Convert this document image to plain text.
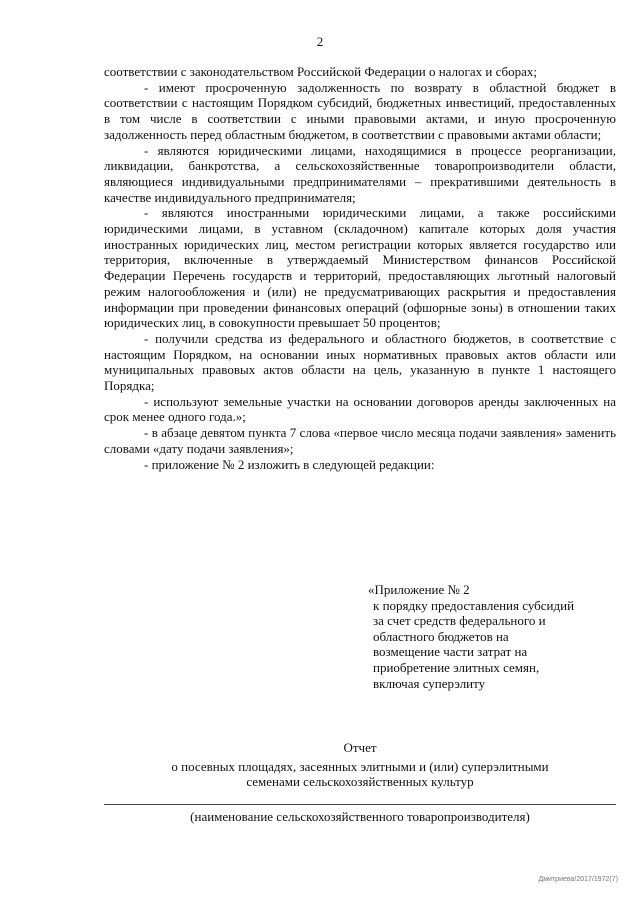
2

соответствии с законодательством Российской Федерации о налогах и сборах;

- имеют просроченную задолженность по возврату в областной бюджет в соответствии с настоящим Порядком субсидий, бюджетных инвестиций, предоставленных в том числе в соответствии с иными правовыми актами, и иную просроченную задолженность перед областным бюджетом, в соответствии с правовыми актами области;

- являются юридическими лицами, находящимися в процессе реорганизации, ликвидации, банкротства, а сельскохозяйственные товаропроизводители области, являющиеся индивидуальными предпринимателями – прекратившими деятельность в качестве индивидуального предпринимателя;

- являются иностранными юридическими лицами, а также российскими юридическими лицами, в уставном (складочном) капитале которых доля участия иностранных юридических лиц, местом регистрации которых является государство или территория, включенные в утверждаемый Министерством финансов Российской Федерации Перечень государств и территорий, предоставляющих льготный налоговый режим налогообложения и (или) не предусматривающих раскрытия и предоставления информации при проведении финансовых операций (офшорные зоны) в отношении таких юридических лиц, в совокупности превышает 50 процентов;

- получили средства из федерального и областного бюджетов, в соответствие с настоящим Порядком, на основании иных нормативных правовых актов области или муниципальных правовых актов области на цель, указанную в пункте 1 настоящего Порядка;

- используют земельные участки на основании договоров аренды заключенных на срок менее одного года.»;

- в абзаце девятом пункта 7 слова «первое число месяца подачи заявления» заменить словами «дату подачи заявления»;

- приложение № 2 изложить в следующей редакции:

«Приложение № 2
к порядку предоставления субсидий
за счет средств федерального и
областного бюджетов на
возмещение части затрат на
приобретение элитных семян,
включая суперэлиту
Отчет
о посевных площадях, засеянных элитными и (или) суперэлитными
семенами сельскохозяйственных культур
(наименование сельскохозяйственного товаропроизводителя)
Дмитриева/2017/1972(7)
